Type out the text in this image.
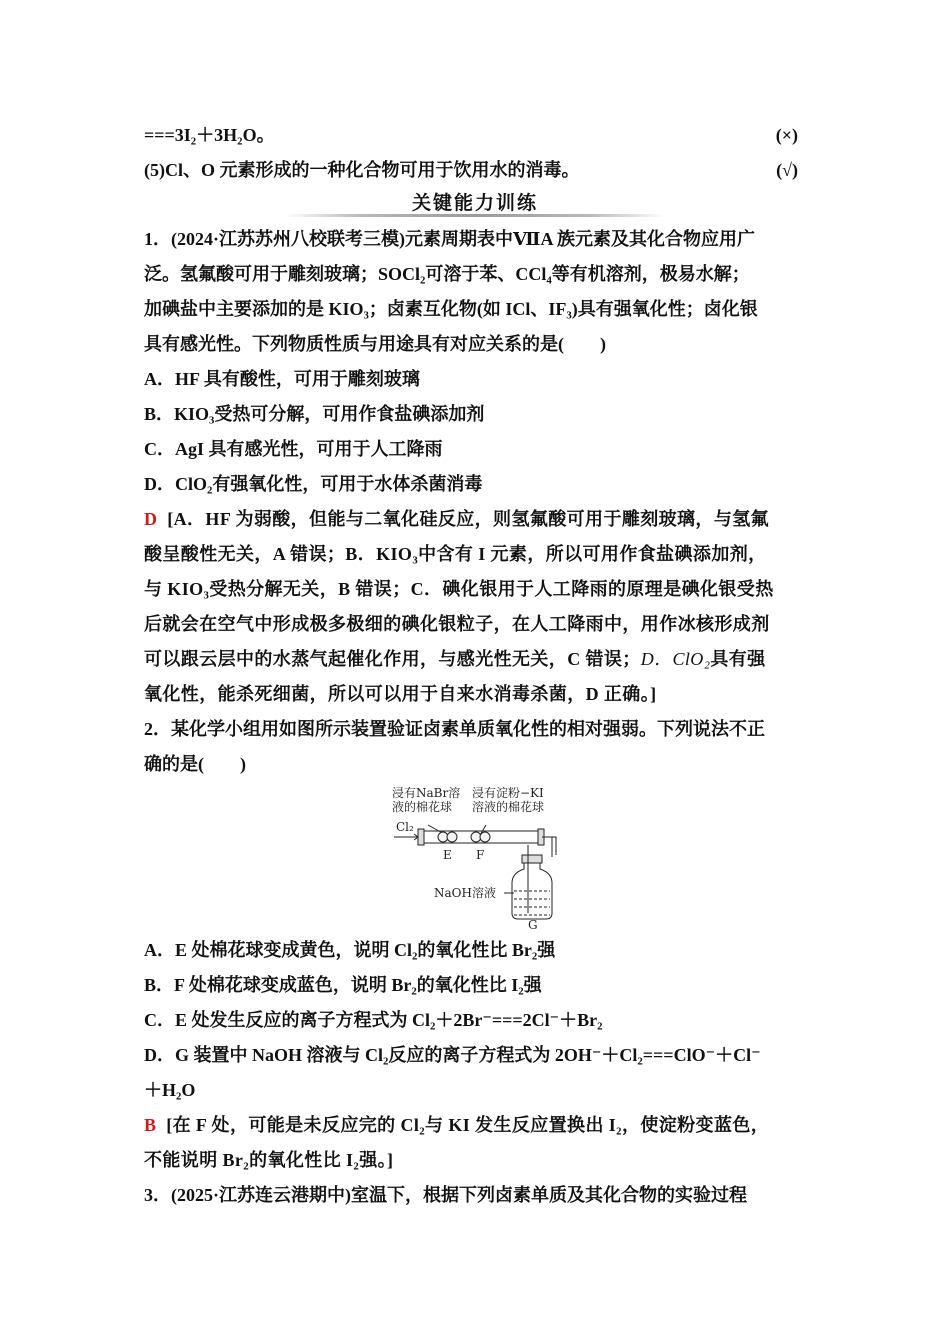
===3I₂＋3H₂O。	(×)
(5)Cl、O 元素形成的一种化合物可用于饮用水的消毒。	(√)
关键能力训练
1．(2024·江苏苏州八校联考三模)元素周期表中ⅦA 族元素及其化合物应用广
泛。氢氟酸可用于雕刻玻璃；SOCl₂可溶于苯、CCl₄等有机溶剂，极易水解；
加碘盐中主要添加的是 KIO₃；卤素互化物(如 ICl、IF₃)具有强氧化性；卤化银
具有感光性。下列物质性质与用途具有对应关系的是(　　)
A．HF 具有酸性，可用于雕刻玻璃
B．KIO₃受热可分解，可用作食盐碘添加剂
C．AgI 具有感光性，可用于人工降雨
D．ClO₂有强氧化性，可用于水体杀菌消毒
D [A．HF 为弱酸，但能与二氧化硅反应，则氢氟酸可用于雕刻玻璃，与氢氟
酸呈酸性无关，A 错误；B．KIO₃中含有 I 元素，所以可用作食盐碘添加剂，
与 KIO₃受热分解无关，B 错误；C．碘化银用于人工降雨的原理是碘化银受热
后就会在空气中形成极多极细的碘化银粒子，在人工降雨中，用作冰核形成剂
可以跟云层中的水蒸气起催化作用，与感光性无关，C 错误；D．ClO₂具有强
氧化性，能杀死细菌，所以可以用于自来水消毒杀菌，D 正确。]
2．某化学小组用如图所示装置验证卤素单质氧化性的相对强弱。下列说法不正
确的是(　　)
浸有NaBr溶
液的棉花球
浸有淀粉−KI
溶液的棉花球
Cl₂
E F
NaOH溶液
G
A．E 处棉花球变成黄色，说明 Cl₂的氧化性比 Br₂强
B．F 处棉花球变成蓝色，说明 Br₂的氧化性比 I₂强
C．E 处发生反应的离子方程式为 Cl₂＋2Br⁻===2Cl⁻＋Br₂
D．G 装置中 NaOH 溶液与 Cl₂反应的离子方程式为 2OH⁻＋Cl₂===ClO⁻＋Cl⁻
＋H₂O
B [在 F 处，可能是未反应完的 Cl₂与 KI 发生反应置换出 I₂，使淀粉变蓝色，
不能说明 Br₂的氧化性比 I₂强。]
3．(2025·江苏连云港期中)室温下，根据下列卤素单质及其化合物的实验过程
